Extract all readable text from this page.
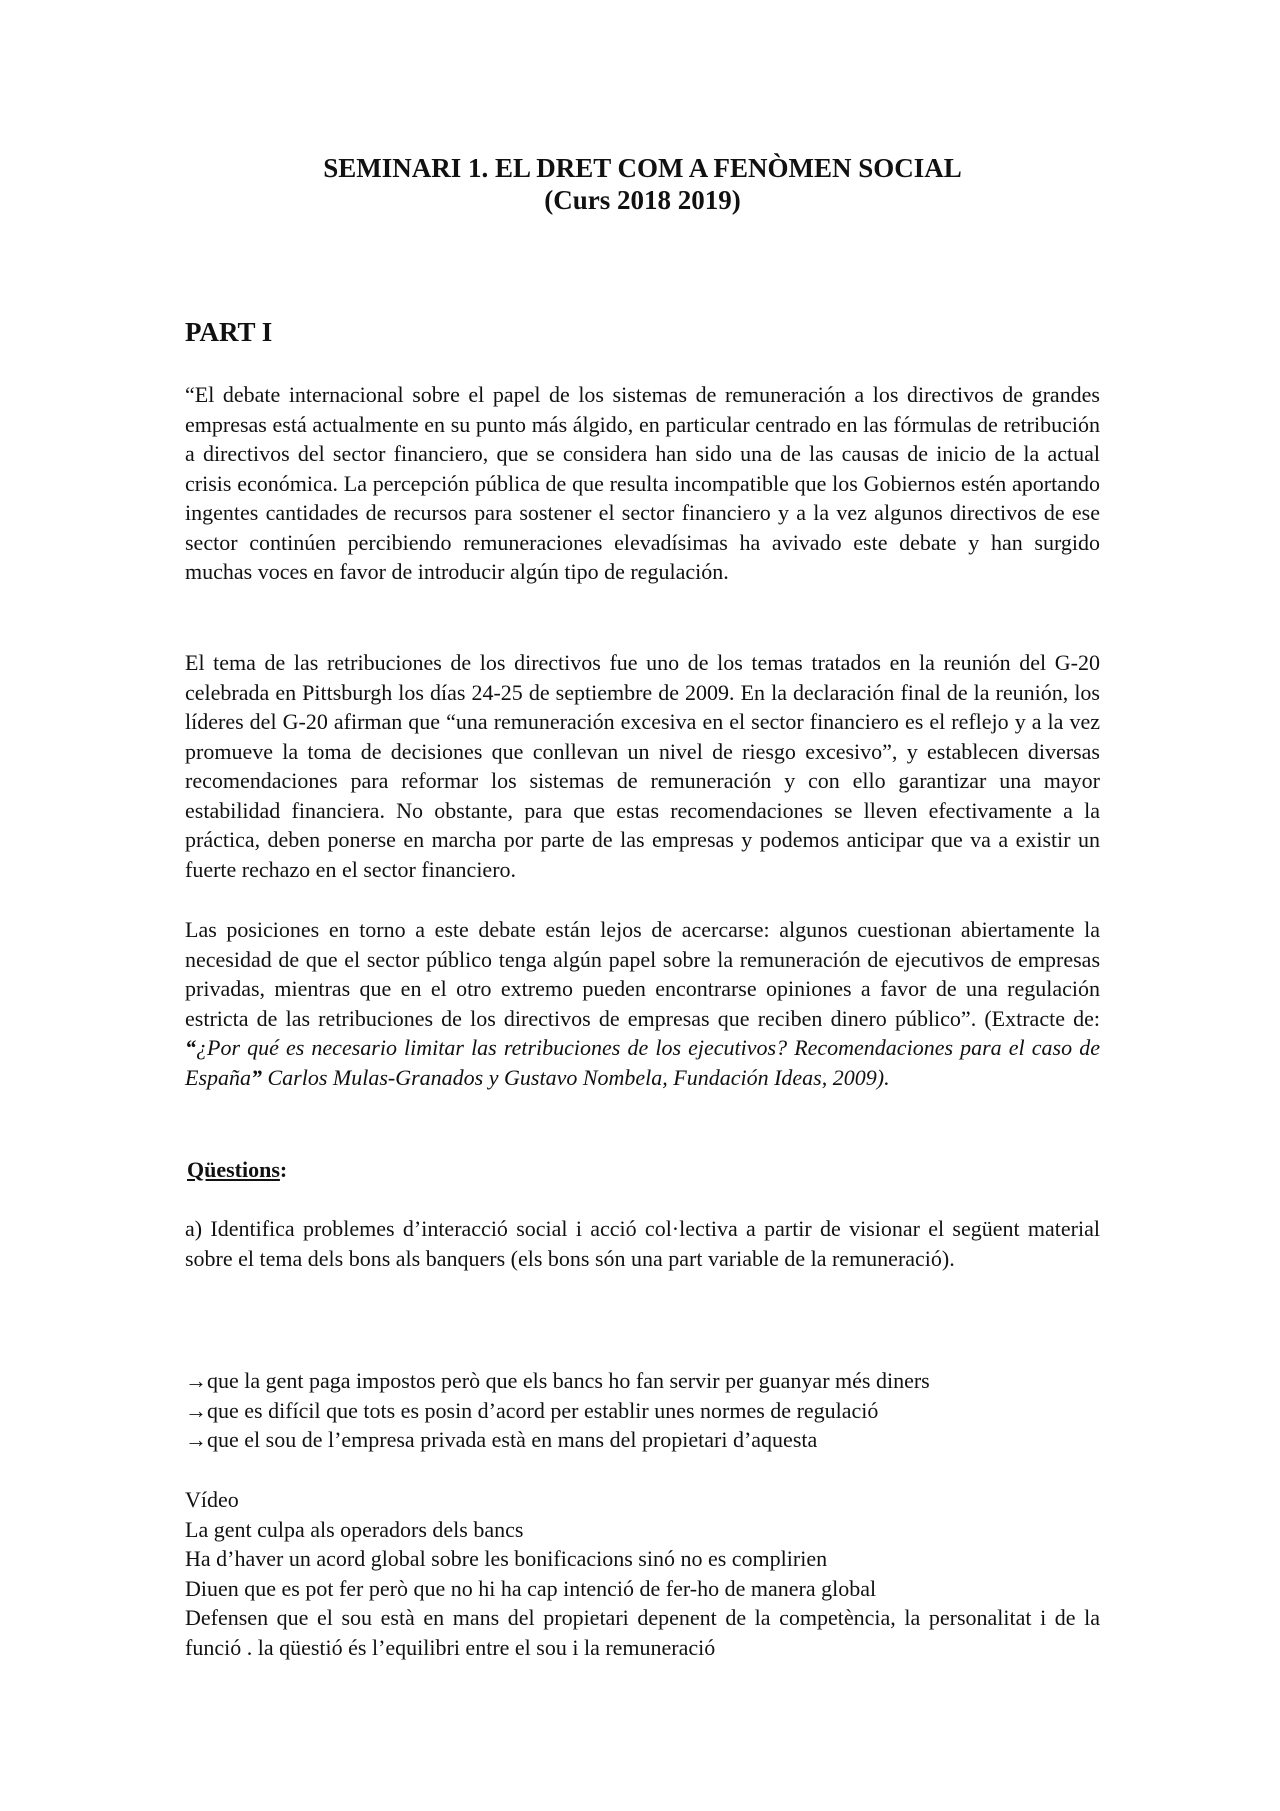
SEMINARI 1. EL DRET COM A FENÒMEN SOCIAL
(Curs 2018 2019)
PART I

“El debate internacional sobre el papel de los sistemas de remuneración a los directivos de grandes empresas está actualmente en su punto más álgido, en particular centrado en las fórmulas de retribución a directivos del sector financiero, que se considera han sido una de las causas de inicio de la actual crisis económica. La percepción pública de que resulta incompatible que los Gobiernos estén aportando ingentes cantidades de recursos para sostener el sector financiero y a la vez algunos directivos de ese sector continúen percibiendo remuneraciones elevadísimas ha avivado este debate y han surgido muchas voces en favor de introducir algún tipo de regulación.

El tema de las retribuciones de los directivos fue uno de los temas tratados en la reunión del G-20 celebrada en Pittsburgh los días 24-25 de septiembre de 2009. En la declaración final de la reunión, los líderes del G-20 afirman que “una remuneración excesiva en el sector financiero es el reflejo y a la vez promueve la toma de decisiones que conllevan un nivel de riesgo excesivo”, y establecen diversas recomendaciones para reformar los sistemas de remuneración y con ello garantizar una mayor estabilidad financiera. No obstante, para que estas recomendaciones se lleven efectivamente a la práctica, deben ponerse en marcha por parte de las empresas y podemos anticipar que va a existir un fuerte rechazo en el sector financiero.

Las posiciones en torno a este debate están lejos de acercarse: algunos cuestionan abiertamente la necesidad de que el sector público tenga algún papel sobre la remuneración de ejecutivos de empresas privadas, mientras que en el otro extremo pueden encontrarse opiniones a favor de una regulación estricta de las retribuciones de los directivos de empresas que reciben dinero público”. (Extracte de: “¿Por qué es necesario limitar las retribuciones de los ejecutivos? Recomendaciones para el caso de España” Carlos Mulas-Granados y Gustavo Nombela, Fundación Ideas, 2009).

Qüestions:

a) Identifica problemes d’interacció social i acció col·lectiva a partir de visionar el següent material sobre el tema dels bons als banquers (els bons són una part variable de la remuneració).

→que la gent paga impostos però que els bancs ho fan servir per guanyar més diners
→que es difícil que tots es posin d’acord per establir unes normes de regulació
→que el sou de l’empresa privada està en mans del propietari d’aquesta
Vídeo
La gent culpa als operadors dels bancs
Ha d’haver un acord global sobre les bonificacions sinó no es complirien
Diuen que es pot fer però que no hi ha cap intenció de fer-ho de manera global
Defensen que el sou està en mans del propietari depenent de la competència, la personalitat i de la funció . la qüestió és l’equilibri entre el sou i la remuneració
